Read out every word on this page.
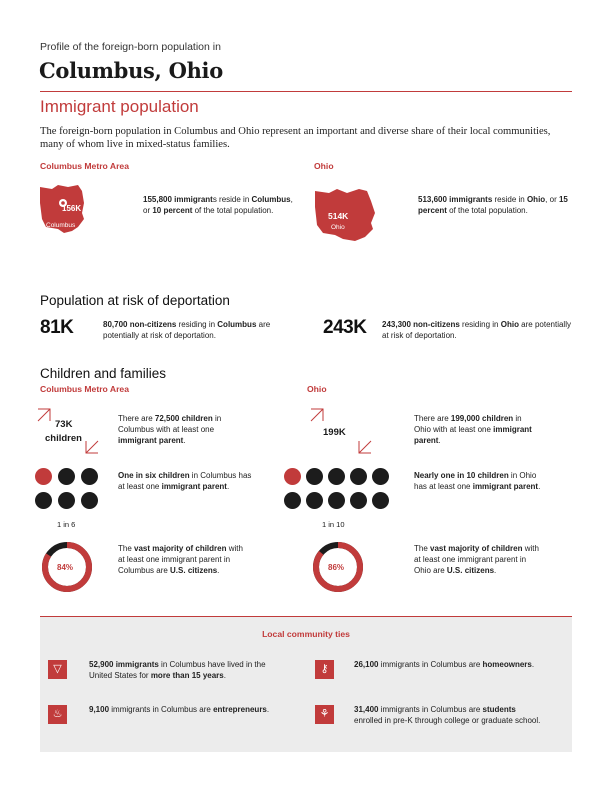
Profile of the foreign-born population in
Columbus, Ohio
Immigrant population
The foreign-born population in Columbus and Ohio represent an important and diverse share of their local communities, many of whom live in mixed-status families.
Columbus Metro Area
156K
Columbus
155,800 immigrants reside in Columbus, or 10 percent of the total population.
Ohio
514K
Ohio
513,600 immigrants reside in Ohio, or 15 percent of the total population.
Population at risk of deportation
81K	80,700 non-citizens residing in Columbus are potentially at risk of deportation.	243K 243,300 non-citizens residing in Ohio are potentially at risk of deportation.
Children and families
Columbus Metro Area	Ohio
73K
children
There are 72,500 children in Columbus with at least one immigrant parent.
199K
There are 199,000 children in Ohio with at least one immigrant parent.
1 in 6
One in six children in Columbus has at least one immigrant parent.
1 in 10
Nearly one in 10 children in Ohio has at least one immigrant parent.
84%
The vast majority of children with at least one immigrant parent in Columbus are U.S. citizens.	86%
The vast majority of children with at least one immigrant parent in Ohio are U.S. citizens.
Local community ties
▽	52,900 immigrants in Columbus have lived in the United States for more than 15 years.
⚷	26,100 immigrants in Columbus are homeowners.
♨	9,100 immigrants in Columbus are entrepreneurs.	⚘	31,400 immigrants in Columbus are students enrolled in pre-K through college or graduate school.
